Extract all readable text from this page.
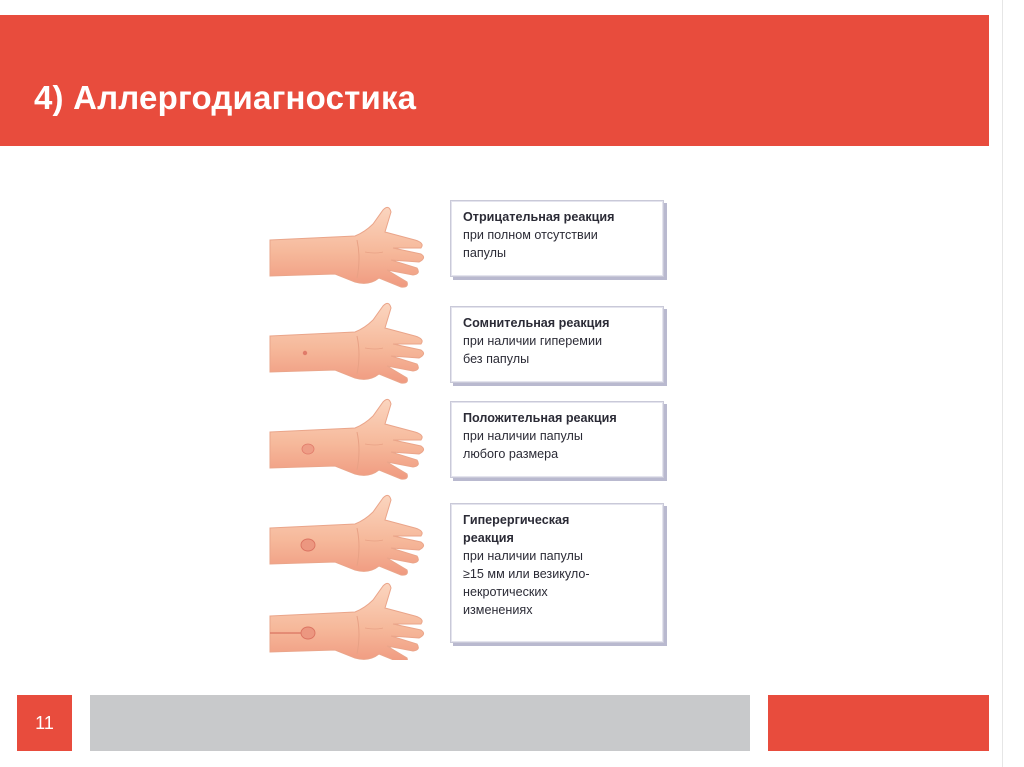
4) Аллергодиагностика
Отрицательная реакция
при полном отсутствии
папулы
Сомнительная реакция
при наличии гиперемии
без папулы
Положительная реакция
при наличии папулы
любого размера
Гиперергическая
реакция
при наличии папулы
≥15 мм или везикуло-
некротических
изменениях
11
